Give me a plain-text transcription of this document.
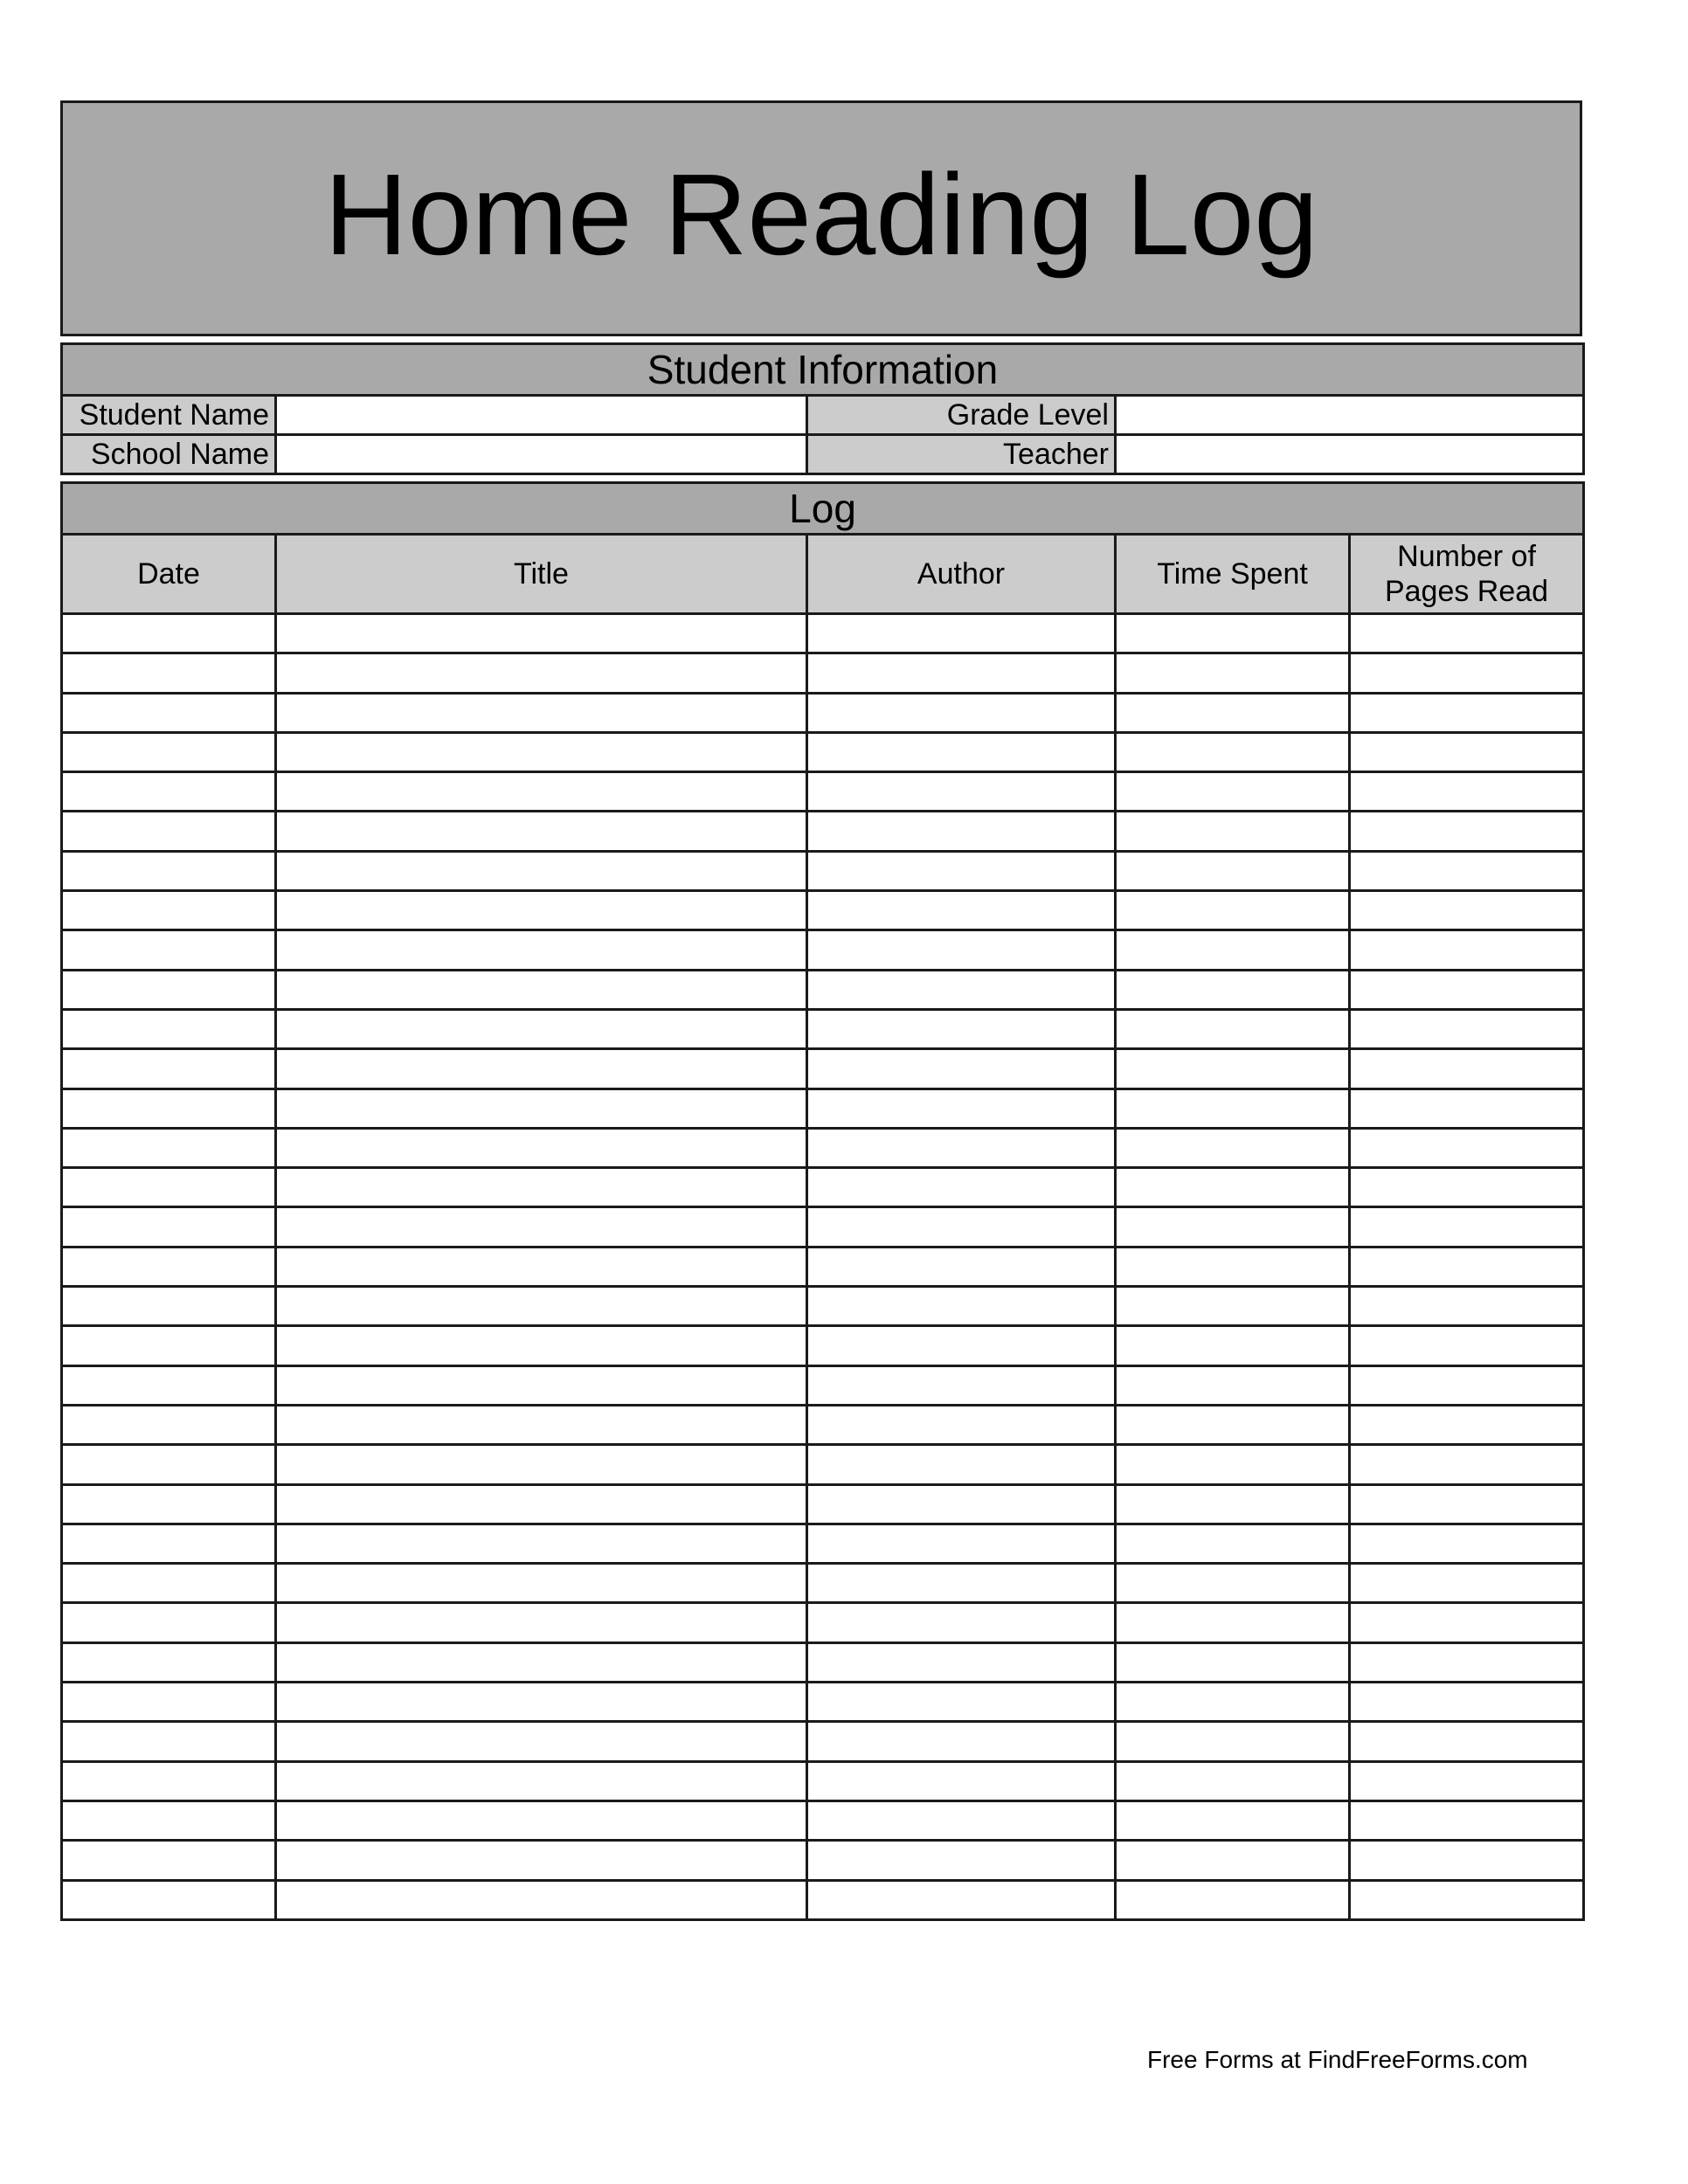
Home Reading Log
Student Information			
Student Name		Grade Level	
School Name		Teacher	
Log				
Date	Title	Author	Time Spent	Number of
Pages Read

Free Forms at FindFreeForms.com
